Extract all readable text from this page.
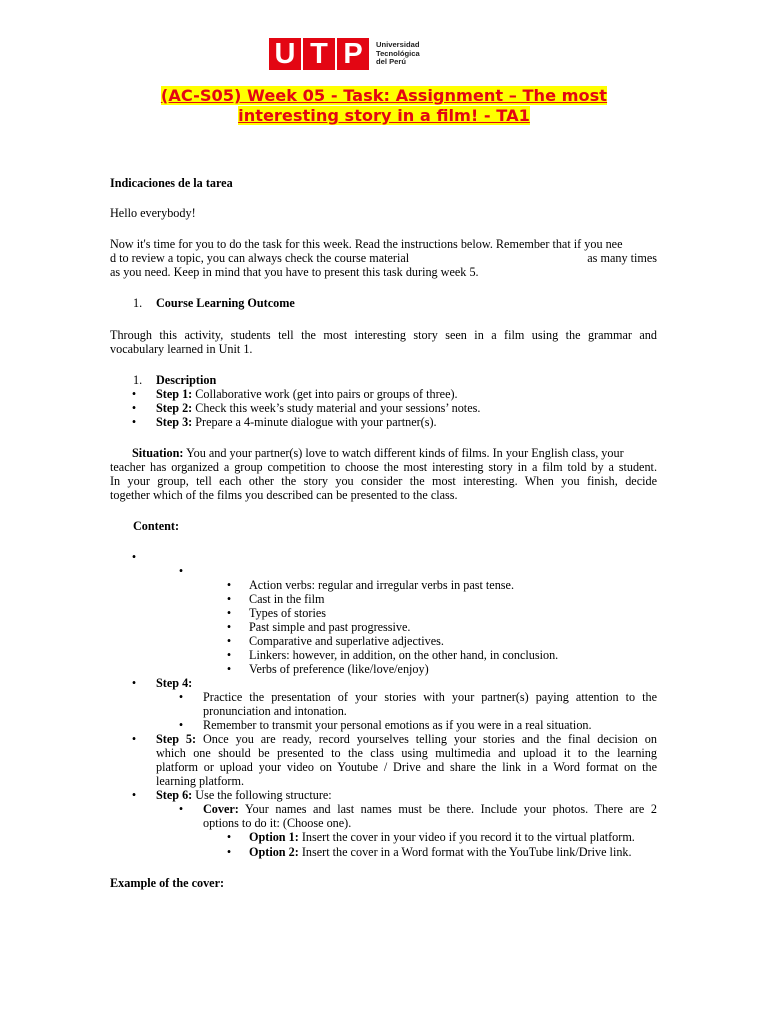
U T P	Universidad
Tecnológica
del Perú
(AC-S05) Week 05 - Task: Assignment – The most
interesting story in a film! - TA1
Indicaciones de la tarea
Hello everybody!
Now it's time for you to do the task for this week. Read the instructions below. Remember that if you nee
d to review a topic, you can always check the course material	as many times
as you need. Keep in mind that you have to present this task during week 5.
1. Course Learning Outcome
Through this activity, students tell the most interesting story seen in a film using the grammar and
vocabulary learned in Unit 1.
1. Description
• Step 1: Collaborative work (get into pairs or groups of three).
• Step 2: Check this week’s study material and your sessions’ notes.
• Step 3: Prepare a 4-minute dialogue with your partner(s).
Situation: You and your partner(s) love to watch different kinds of films. In your English class, your
teacher has organized a group competition to choose the most interesting story in a film told by a student.
In your group, tell each other the story you consider the most interesting. When you finish, decide
together which of the films you described can be presented to the class.
Content:
•
•
• Action verbs: regular and irregular verbs in past tense.
• Cast in the film
• Types of stories
• Past simple and past progressive.
• Comparative and superlative adjectives.
• Linkers: however, in addition, on the other hand, in conclusion.
• Verbs of preference (like/love/enjoy)
• Step 4:
• Practice the presentation of your stories with your partner(s) paying attention to the
pronunciation and intonation.
• Remember to transmit your personal emotions as if you were in a real situation.
• Step 5: Once you are ready, record yourselves telling your stories and the final decision on
which one should be presented to the class using multimedia and upload it to the learning
platform or upload your video on Youtube / Drive and share the link in a Word format on the
learning platform.
• Step 6: Use the following structure:
• Cover: Your names and last names must be there. Include your photos. There are 2
options to do it: (Choose one).
• Option 1: Insert the cover in your video if you record it to the virtual platform.
• Option 2: Insert the cover in a Word format with the YouTube link/Drive link.
Example of the cover:
